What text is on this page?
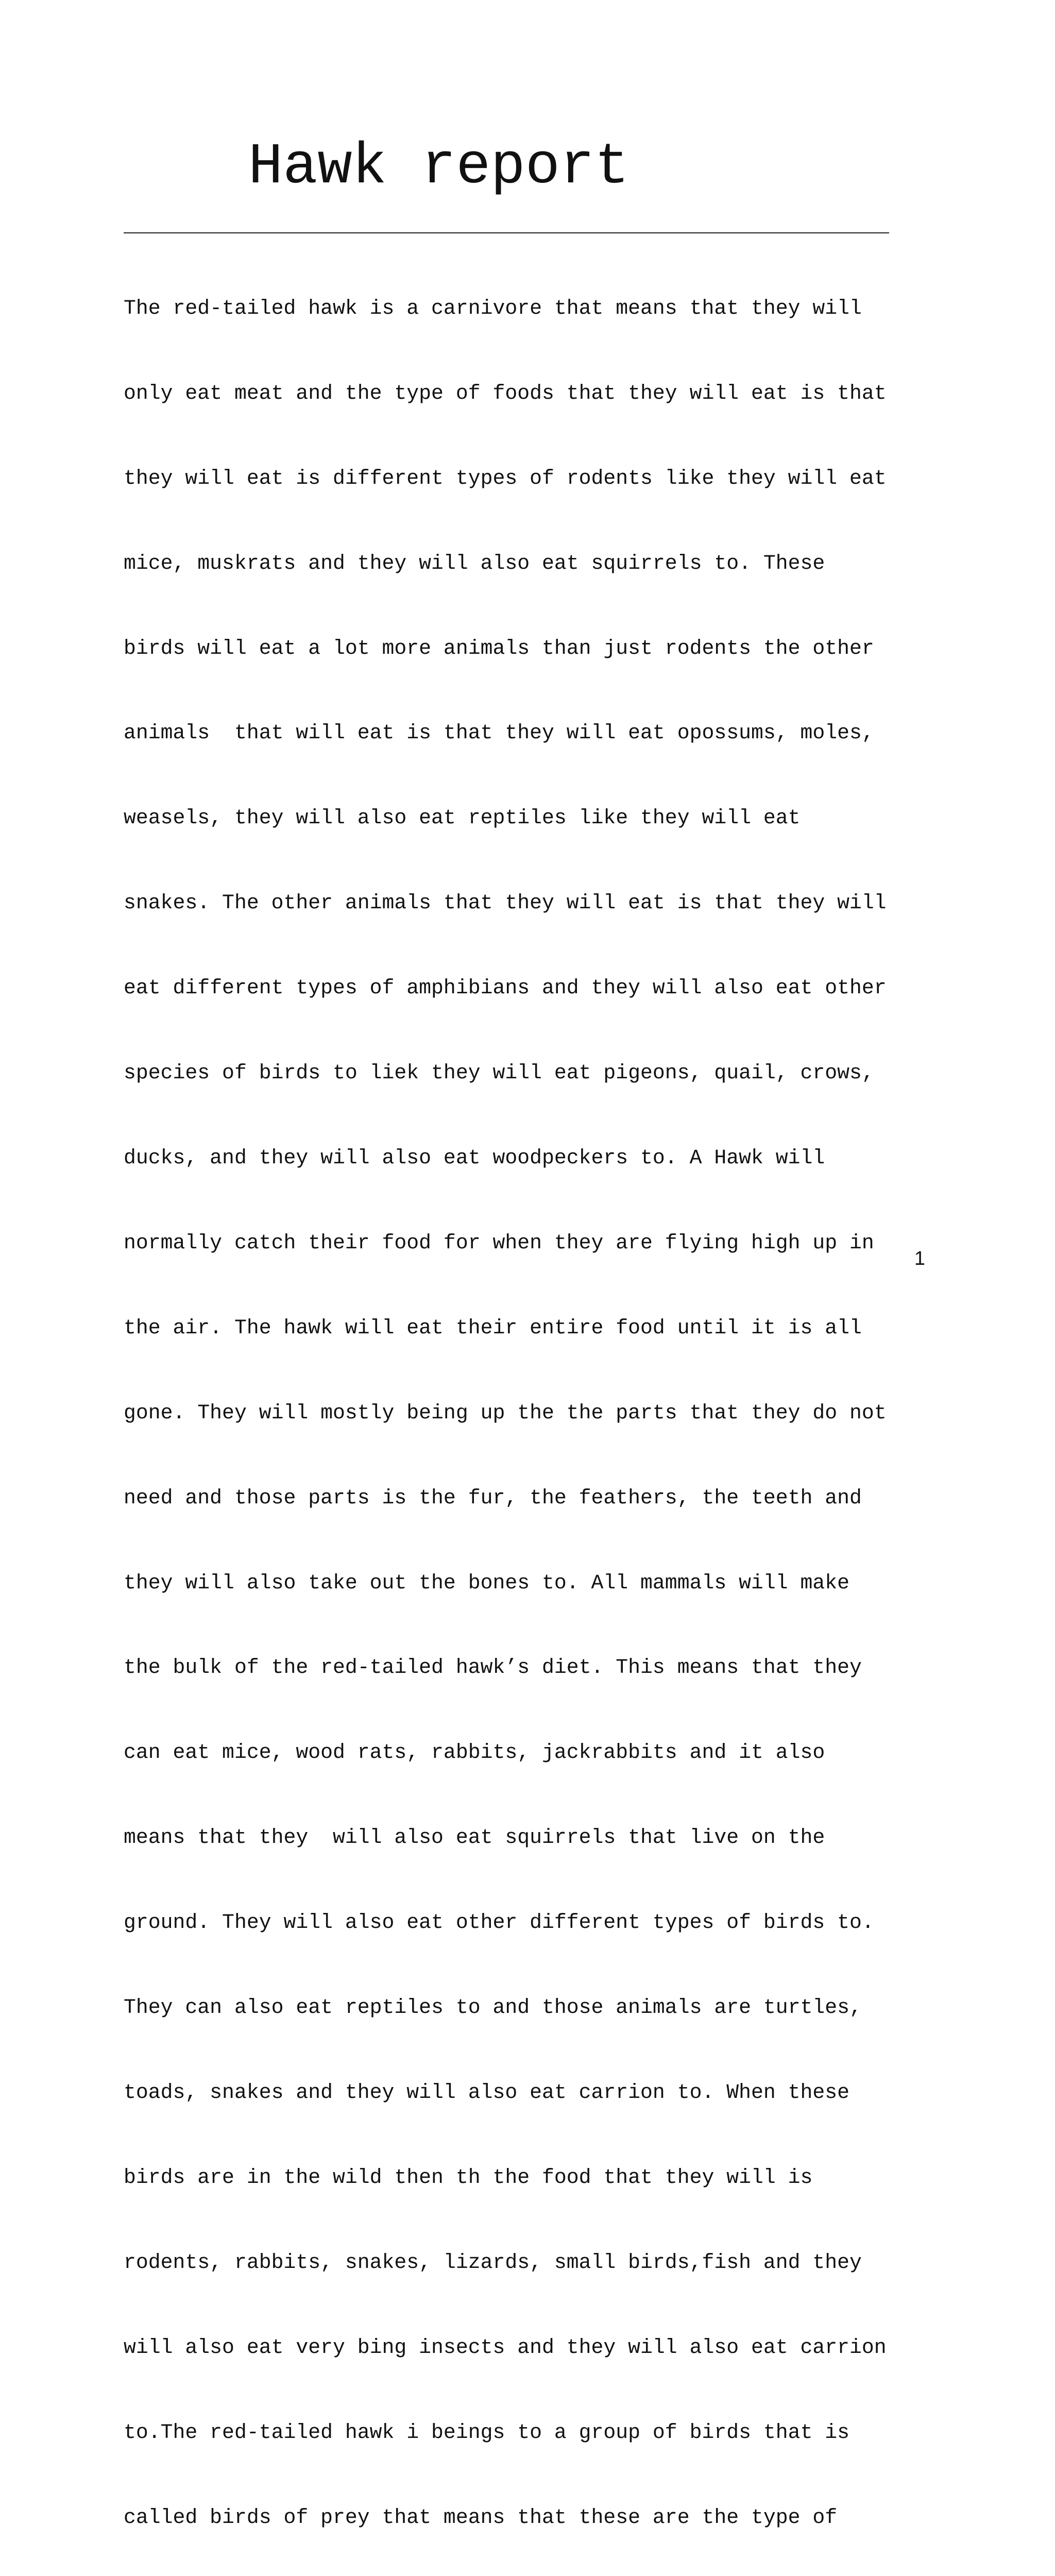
Hawk report

The red-tailed hawk is a carnivore that means that they will

only eat meat and the type of foods that they will eat is that

they will eat is different types of rodents like they will eat

mice, muskrats and they will also eat squirrels to. These

birds will eat a lot more animals than just rodents the other

animals  that will eat is that they will eat opossums, moles,

weasels, they will also eat reptiles like they will eat

snakes. The other animals that they will eat is that they will

eat different types of amphibians and they will also eat other

species of birds to liek they will eat pigeons, quail, crows,

ducks, and they will also eat woodpeckers to. A Hawk will

normally catch their food for when they are flying high up in

the air. The hawk will eat their entire food until it is all

gone. They will mostly being up the the parts that they do not

need and those parts is the fur, the feathers, the teeth and

they will also take out the bones to. All mammals will make

the bulk of the red-tailed hawk’s diet. This means that they

can eat mice, wood rats, rabbits, jackrabbits and it also

means that they  will also eat squirrels that live on the

ground. They will also eat other different types of birds to.

They can also eat reptiles to and those animals are turtles,

toads, snakes and they will also eat carrion to. When these

birds are in the wild then th the food that they will is

rodents, rabbits, snakes, lizards, small birds,fish and they

will also eat very bing insects and they will also eat carrion

to.The red-tailed hawk i beings to a group of birds that is

called birds of prey that means that these are the type of

1
